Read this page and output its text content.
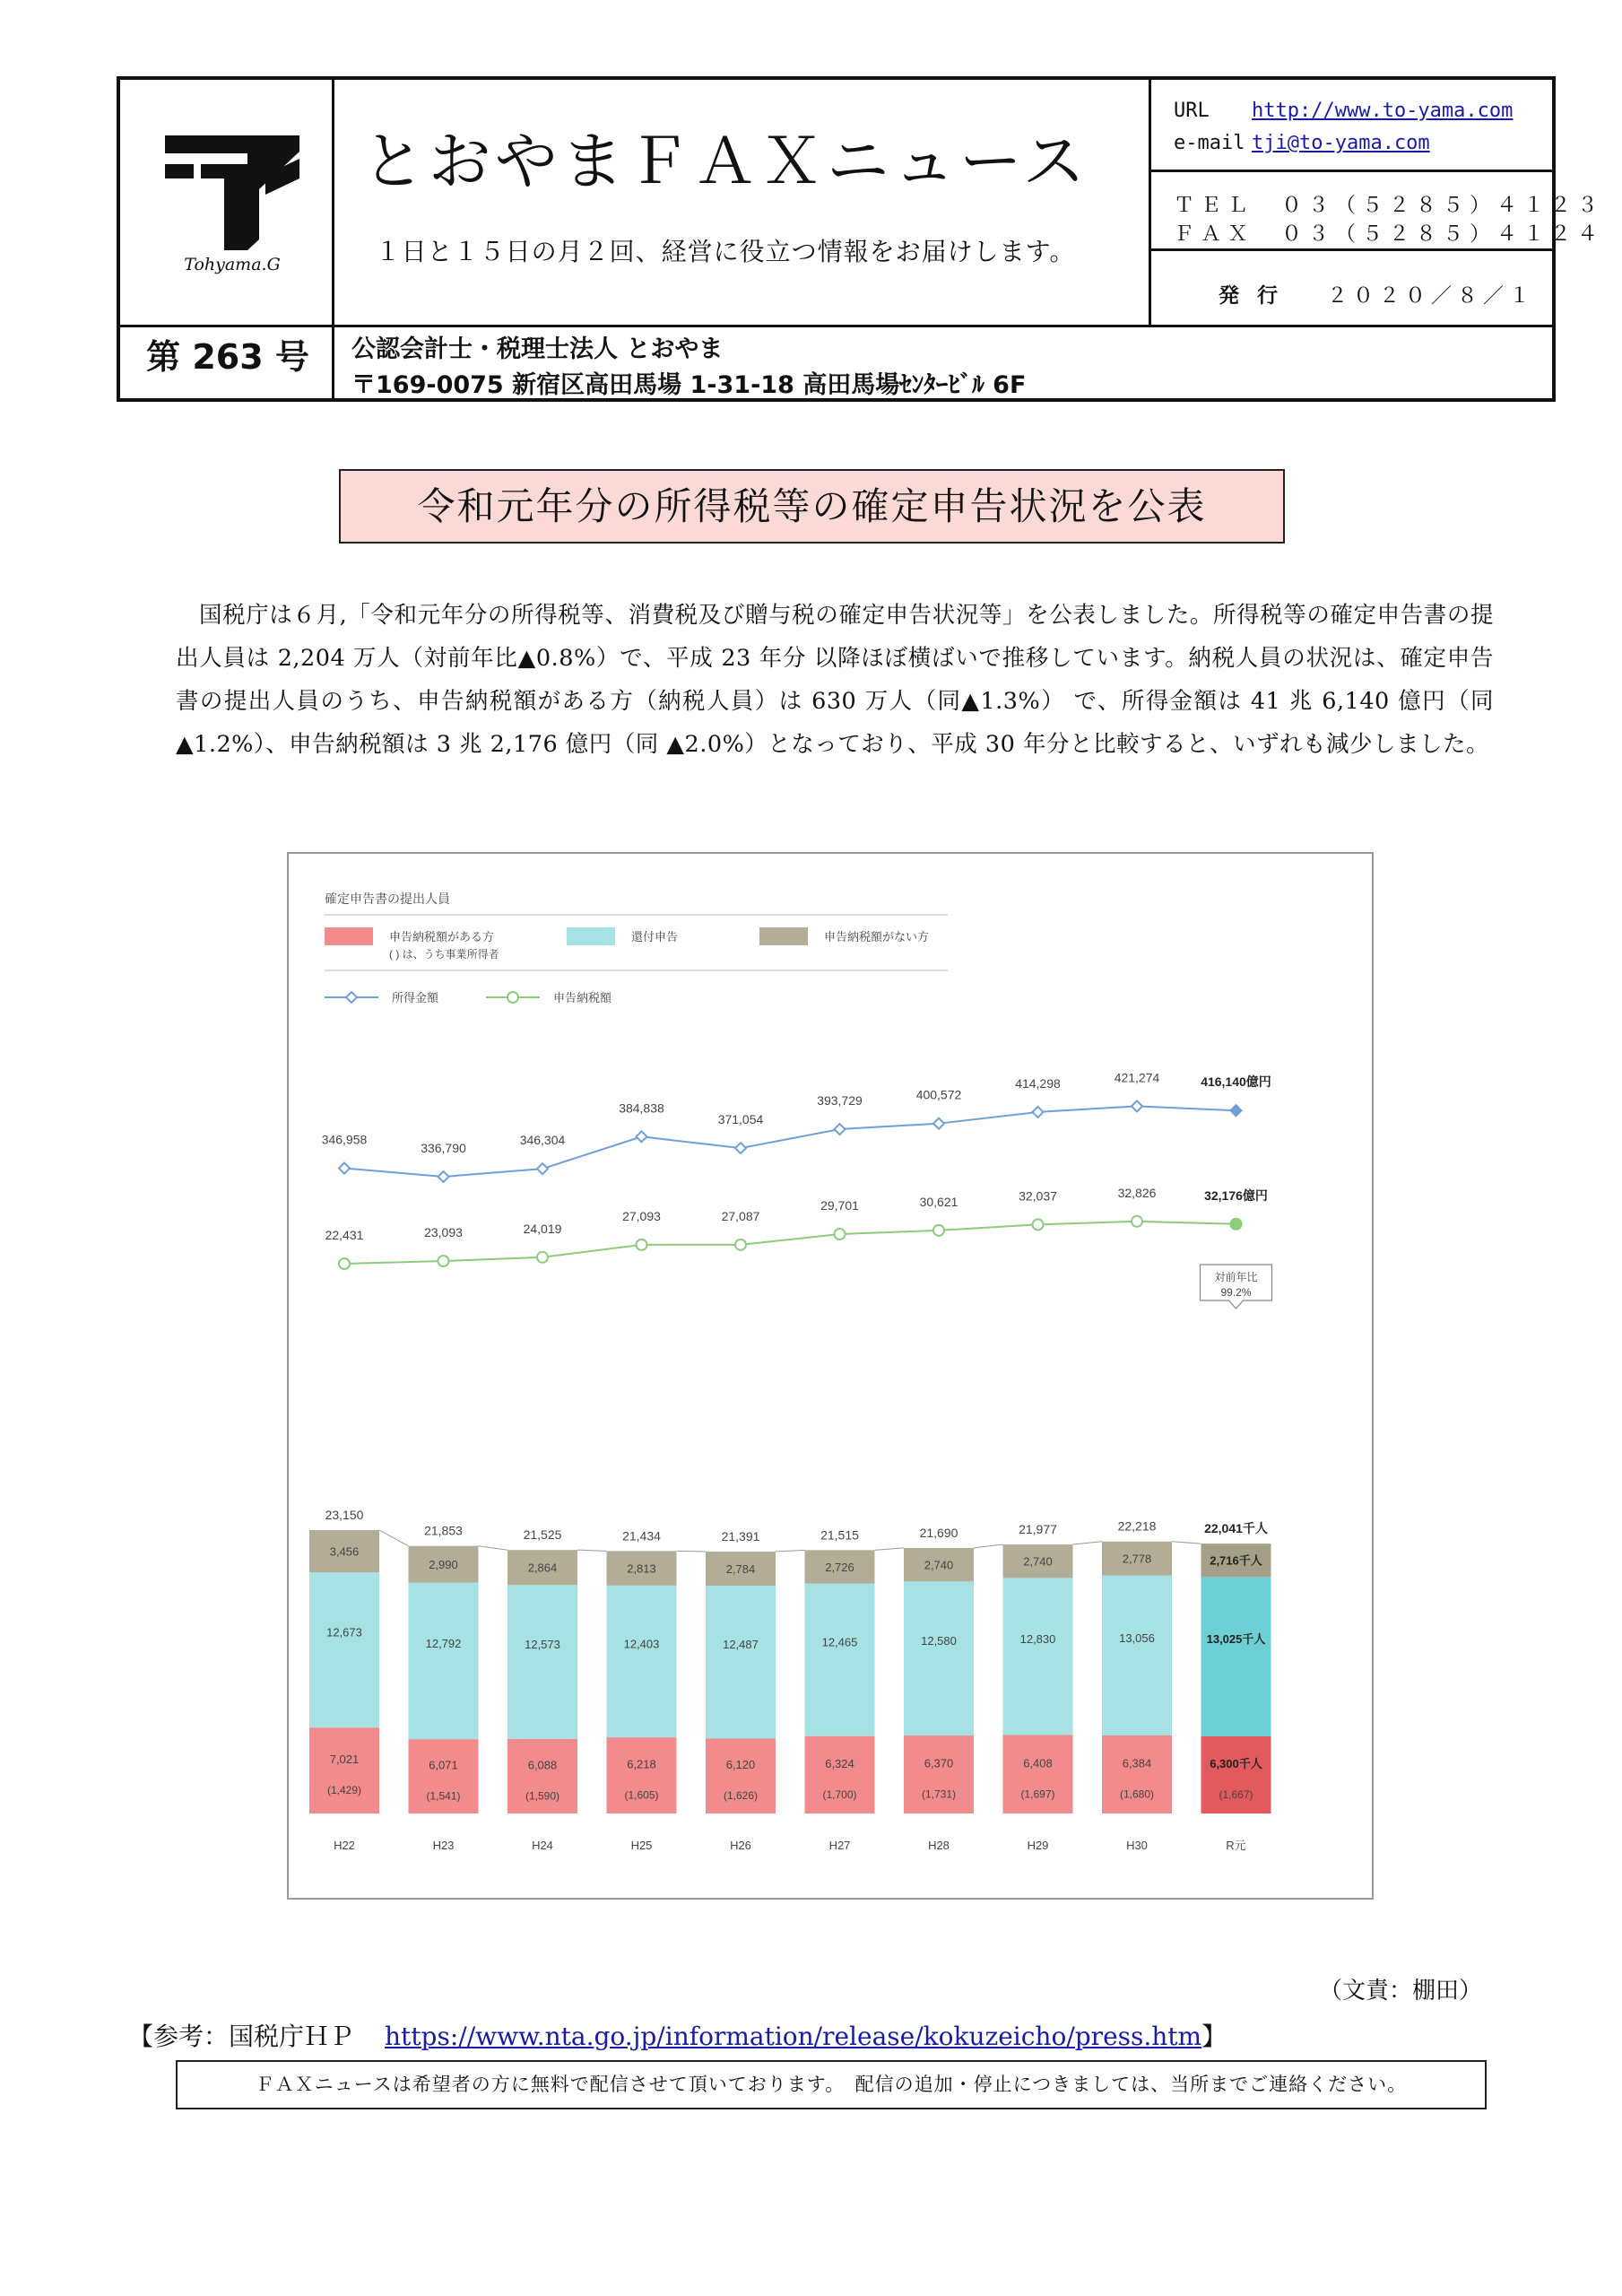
Tohyama.G
とおやまＦＡＸニュース
１日と１５日の月２回、経営に役立つ情報をお届けします。
URL http://www.to-yama.com
e-mail tji@to-yama.com
ＴＥＬ　０３（５２８５）４１２３
ＦＡＸ　０３（５２８５）４１２４
発行 ２０２０／８／１
第 263 号	公認会計士・税理士法人 とおやま
〒169-0075 新宿区高田馬場 1-31-18 高田馬場ｾﾝﾀｰﾋﾞﾙ 6F
令和元年分の所得税等の確定申告状況を公表

国税庁は６月,「令和元年分の所得税等、消費税及び贈与税の確定申告状況等」を公表しました。所得税等の確定申告書の提出人員は 2,204 万人（対前年比▲0.8%）で、平成 23 年分 以降ほぼ横ばいで推移しています。納税人員の状況は、確定申告書の提出人員のうち、申告納税額がある方（納税人員）は 630 万人（同▲1.3%） で、所得金額は 41 兆 6,140 億円（同▲1.2%）、申告納税額は 3 兆 2,176 億円（同 ▲2.0%）となっており、平成 30 年分と比較すると、いずれも減少しました。

確定申告書の提出人員
申告納税額がある方	還付申告	申告納税額がない方
( ) は、うち事業所得者
所得金額	申告納税額
7,021
(1,429)
12,673
3,456
23,150
H22
6,071
(1,541)
12,792
2,990
21,853
H23
6,088
(1,590)
12,573
2,864
21,525
H24
6,218
(1,605)
12,403
2,813
21,434
H25
6,120
(1,626)
12,487
2,784
21,391
H26
6,324
(1,700)
12,465
2,726
21,515
H27
6,370
(1,731)
12,580
2,740
21,690
H28
6,408
(1,697)
12,830
2,740
21,977
H29
6,384
(1,680)
13,056
2,778
22,218
H30
6,300千人
(1,667)
13,025千人
2,716千人
22,041千人
R元
対前年比
99.2%
346,958
336,790
346,304
384,838
371,054
393,729	400,572
414,298	421,274	416,140億円
22,431	23,093	24,019
27,093	27,087
29,701	30,621	32,037	32,826	32,176億円
（文責：棚田）
【参考：国税庁ＨＰ https://www.nta.go.jp/information/release/kokuzeicho/press.htm】
ＦＡＸニュースは希望者の方に無料で配信させて頂いております。　配信の追加・停止につきましては、当所までご連絡ください。
